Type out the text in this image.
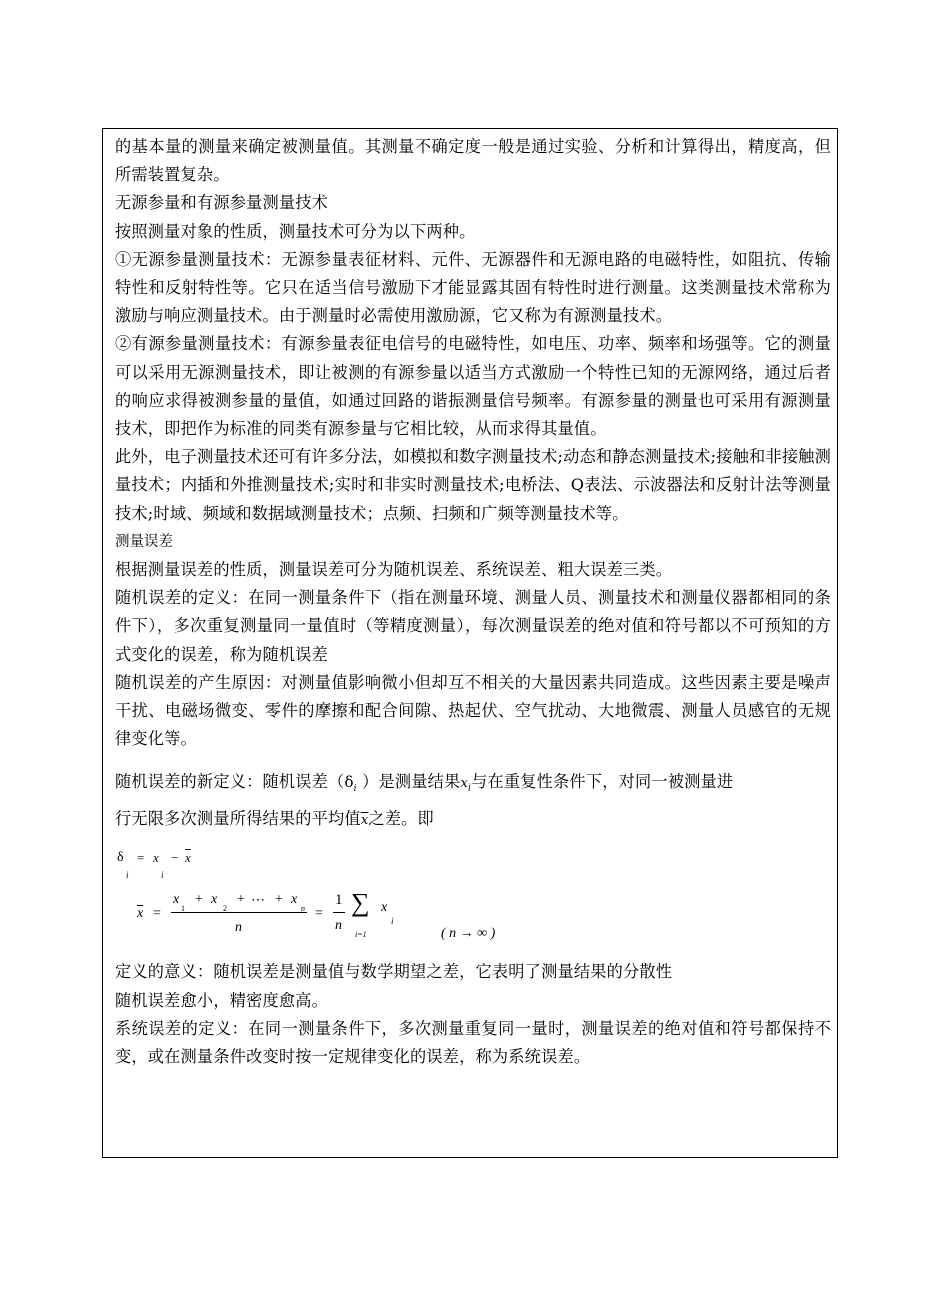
的基本量的测量来确定被测量值。其测量不确定度一般是通过实验、分析和计算得出，精度高，但所需装置复杂。

无源参量和有源参量测量技术

按照测量对象的性质，测量技术可分为以下两种。

①无源参量测量技术：无源参量表征材料、元件、无源器件和无源电路的电磁特性，如阻抗、传输特性和反射特性等。它只在适当信号激励下才能显露其固有特性时进行测量。这类测量技术常称为激励与响应测量技术。由于测量时必需使用激励源，它又称为有源测量技术。

②有源参量测量技术：有源参量表征电信号的电磁特性，如电压、功率、频率和场强等。它的测量可以采用无源测量技术，即让被测的有源参量以适当方式激励一个特性已知的无源网络，通过后者的响应求得被测参量的量值，如通过回路的谐振测量信号频率。有源参量的测量也可采用有源测量技术，即把作为标准的同类有源参量与它相比较，从而求得其量值。

此外，电子测量技术还可有许多分法，如模拟和数字测量技术;动态和静态测量技术;接触和非接触测量技术；内插和外推测量技术;实时和非实时测量技术;电桥法、Q表法、示波器法和反射计法等测量技术;时域、频域和数据域测量技术；点频、扫频和广频等测量技术等。

测量误差

根据测量误差的性质，测量误差可分为随机误差、系统误差、粗大误差三类。

随机误差的定义：在同一测量条件下（指在测量环境、测量人员、测量技术和测量仪器都相同的条件下），多次重复测量同一量值时（等精度测量），每次测量误差的绝对值和符号都以不可预知的方式变化的误差，称为随机误差

随机误差的产生原因：对测量值影响微小但却互不相关的大量因素共同造成。这些因素主要是噪声干扰、电磁场微变、零件的摩擦和配合间隙、热起伏、空气扰动、大地微震、测量人员感官的无规律变化等。

随机误差的新定义：随机误差（$\delta_i$ ）是测量结果$x_i$与在重复性条件下，对同一被测量进
行无限多次测量所得结果的平均值$\overline{x}$之差。即

δ
i
= x
i
− $\overline{x}$
$\overline{x}$ =
x
1
+ x
2
+ ⋯ + x
n
n
=
1
n
∑
i=1
x
i
( n → ∞ )

定义的意义：随机误差是测量值与数学期望之差，它表明了测量结果的分散性

随机误差愈小，精密度愈高。

系统误差的定义：在同一测量条件下，多次测量重复同一量时，测量误差的绝对值和符号都保持不变，或在测量条件改变时按一定规律变化的误差，称为系统误差。
